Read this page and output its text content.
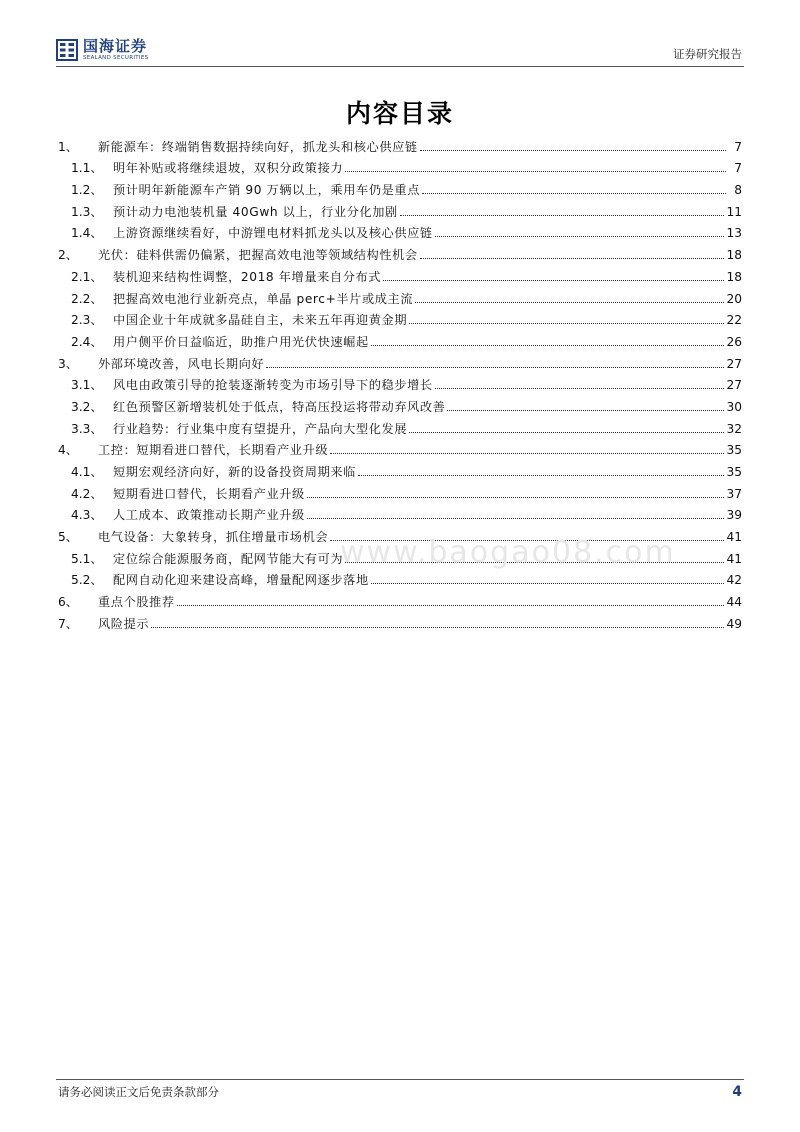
国海证券
SEALAND SECURITIES	证券研究报告
内容目录
1、	新能源车：终端销售数据持续向好，抓龙头和核心供应链	7
1.1、 明年补贴或将继续退坡，双积分政策接力	7
1.2、 预计明年新能源车产销 90 万辆以上，乘用车仍是重点	8
1.3、 预计动力电池装机量 40Gwh 以上，行业分化加剧	11
1.4、 上游资源继续看好，中游锂电材料抓龙头以及核心供应链	13
2、	光伏：硅料供需仍偏紧，把握高效电池等领域结构性机会	18
2.1、 装机迎来结构性调整，2018 年增量来自分布式	18
2.2、 把握高效电池行业新亮点，单晶 perc+半片或成主流	20
2.3、 中国企业十年成就多晶硅自主，未来五年再迎黄金期	22
2.4、 用户侧平价日益临近，助推户用光伏快速崛起	26
3、	外部环境改善，风电长期向好	27
3.1、 风电由政策引导的抢装逐渐转变为市场引导下的稳步增长	27
3.2、 红色预警区新增装机处于低点，特高压投运将带动弃风改善	30
3.3、 行业趋势：行业集中度有望提升，产品向大型化发展	32
4、	工控：短期看进口替代，长期看产业升级	35
4.1、 短期宏观经济向好，新的设备投资周期来临	35
4.2、 短期看进口替代，长期看产业升级	37
4.3、 人工成本、政策推动长期产业升级	39
5、	电气设备：大象转身，抓住增量市场机会	41
5.1、 定位综合能源服务商，配网节能大有可为	41
5.2、 配网自动化迎来建设高峰，增量配网逐步落地	42
6、	重点个股推荐	44
7、	风险提示	49
www.baogao08.com
请务必阅读正文后免责条款部分	4
